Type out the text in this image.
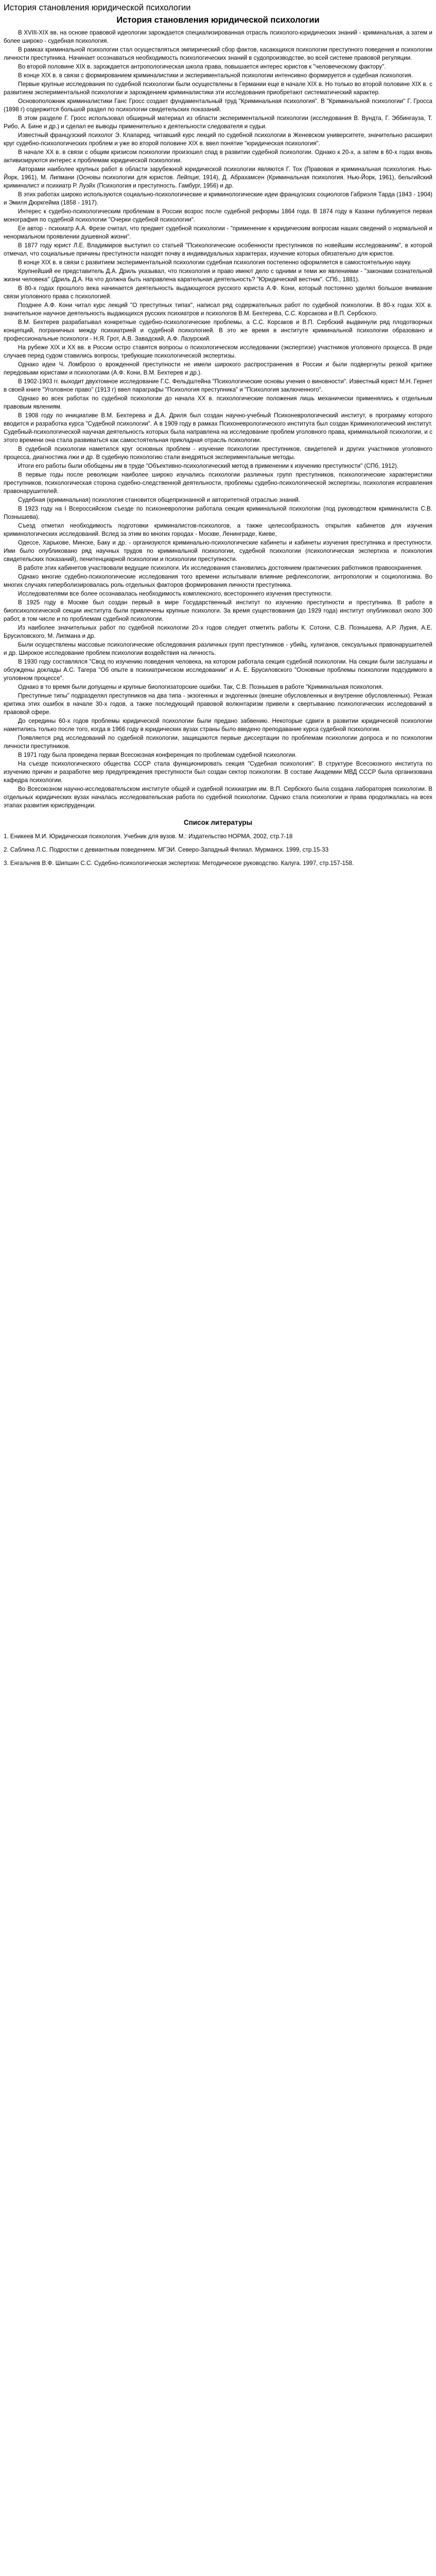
История становления юридической психологии
История становления юридической психологии

В XVIII-XIX вв. на основе правовой идеологии зарождается специализированная отрасль психолого-юридических знаний - криминальная, а затем и более широко - судебная психология.

В рамках криминальной психологии стал осуществляться эмпирический сбор фактов, касающихся психологии преступного поведения и психологии личности преступника. Начинает осознаваться необходимость психологических знаний в судопроизводстве, во всей системе правовой регуляции.

Во второй половине XIX в. зарождается антропологическая школа права, повышается интерес юристов к "человеческому фактору".

В конце XIX в. в связи с формированием криминалистики и экспериментальной психологии интенсивно формируется и судебная психология.

Первые крупные исследования по судебной психологии были осуществлены в Германии еще в начале XIX в. Но только во второй половине XIX в. с развитием экспериментальной психологии и зарождением криминалистики эти исследования приобретают систематический характер.

Основоположник криминалистики Ганс Гросс создает фундаментальный труд "Криминальная психология". В "Криминальной психологии" Г. Гросса (1898 г) содержится большой раздел по психологии свидетельских показаний.

В этом разделе Г. Гросс использовал обширный материал из области экспериментальной психологии (исследования В. Вундта, Г. Эббингауза, Т. Рибо, А. Бине и др.) и сделал ее выводы применительно к деятельности следователя и судьи.

Известный французский психолог Э. Клапаред, читавший курс лекций по судебной психологии в Женевском университете, значительно расширил круг судебно-психологических проблем и уже во второй половине XIX в. ввел понятие "юридическая психология".

В начале XX в. в связи с общим кризисом психологии произошел спад в развитии судебной психологии. Однако к 20-х, а затем в 60-х годах вновь активизируются интерес к проблемам юридической психологии.

Авторами наиболее крупных работ в области зарубежной юридической психологии являются Г. Тох (Правовая и криминальная психология. Нью-Йорк, 1961), М. Липмани (Основы психологии для юристов. Лейпциг, 1914), Д. Абрахамсен (Криминальная психология. Нью-Йорк, 1961), бельгийский криминалист и психиатр Р. Луэйх (Психология и преступность. Гамбург, 1956) и др.

В этих работах широко используются социально-психологические и криминологические идеи французских социологов Габриэля Тарда (1843 - 1904) и Эмиля Дюркгейма (1858 - 1917).

Интерес к судебно-психологическим проблемам в России возрос после судебной реформы 1864 года. В 1874 году в Казани публикуется первая монография по судебной психологии "Очерки судебной психологии".

Ее автор - психиатр А.А. Фрезе считал, что предмет судебной психологии - "применение к юридическим вопросам наших сведений о нормальной и ненормальном проявлении душевной жизни".

В 1877 году юрист Л.Е. Владимиров выступил со статьей "Психологические особенности преступников по новейшим исследованиям", в которой отмечал, что социальные причины преступности находят почву в индивидуальных характерах, изучение которых обязательно для юристов.

В конце XIX в. в связи с развитием экспериментальной психологии судебная психология постепенно оформляется в самостоятельную науку.

Крупнейший ее представитель Д.А. Дриль указывал, что психология и право имеют дело с одними и теми же явлениями - "законами сознательной жизни человека" (Дриль Д.А. На что должна быть направлена карательная деятельность? "Юридический вестник". СПб., 1881).

В 80-х годах прошлого века начинается деятельность выдающегося русского юриста А.Ф. Кони, который постоянно уделял большое внимание связи уголовного права с психологией.

Позднее А.Ф. Кони читал курс лекций "О преступных типах", написал ряд содержательных работ по судебной психологии. В 80-х годах XIX в. значительное научное деятельность выдающихся русских психиатров и психологов В.М. Бехтерева, С.С. Корсакова и В.П. Сербского.

В.М. Бехтерев разрабатывал конкретные судебно-психологические проблемы, а С.С. Корсаков и В.П. Сербский выдвинули ряд плодотворных концепций, пограничных между психиатрией и судебной психологией. В это же время в институте криминальной психологии образовано и профессиональные психологи - Н.Я. Грот, А.В. Завадский, А.Ф. Лазурский.

На рубеже XIX и XX вв. в России остро ставятся вопросы о психологическом исследовании (экспертизе) участников уголовного процесса. В ряде случаев перед судом ставились вопросы, требующие психологической экспертизы.

Однако идеи Ч. Ломброзо о врожденной преступности не имели широкого распространения в России и были подвергнуты резкой критике передовыми юристами и психологами (А.Ф. Кони, В.М. Бехтерев и др.).

В 1902-1903 гг. выходит двухтомное исследование Г.С. Фельдштейна "Психологические основы учения о виновности". Известный юрист М.Н. Гернет в своей книге "Уголовное право" (1913 г) ввел параграфы "Психология преступника" и "Психология заключенного".

Однако во всех работах по судебной психологии до начала XX в. психологические положения лишь механически применялись к отдельным правовым явлениям.

В 1908 году по инициативе В.М. Бехтерева и Д.А. Дриля был создан научно-учебный Психоневрологический институт, в программу которого вводится и разработка курса "Судебной психологии". А в 1909 году в рамках Психоневрологического института был создан Криминологический институт. Судебный-психологической научная деятельность которых была направлена на исследование проблем уголовного права, криминальной психологии, и с этого времени она стала развиваться как самостоятельная прикладная отрасль психологии.

В судебной психологии наметился круг основных проблем - изучение психологии преступников, свидетелей и других участников уголовного процесса, диагностика лжи и др. В судебную психологию стали внедряться экспериментальные методы.

Итоги его работы были обобщены им в труде "Объективно-психологический метод в применении к изучению преступности" (СПб, 1912).

В первые годы после революции наиболее широко изучались психологии различных групп преступников, психологические характеристики преступников, психологическая сторона судебно-следственной деятельности, проблемы судебно-психологической экспертизы, психология исправления правонарушителей.

Судебная (криминальная) психология становится общепризнанной и авторитетной отраслью знаний.

В 1923 году на I Всероссийском съезде по психоневрологии работала секция криминальной психологии (под руководством криминалиста С.В. Познышева).

Съезд отметил необходимость подготовки криминалистов-психологов, а также целесообразность открытия кабинетов для изучения криминологических исследований. Вслед за этим во многих городах - Москве, Ленинграде, Киеве,

Одессе, Харькове, Минске, Баку и др. - организуются криминально-психологические кабинеты и кабинеты изучения преступника и преступности. Ими было опубликовано ряд научных трудов по криминальной психологии, судебной психологии (психологическая экспертиза и психология свидетельских показаний), пенитенциарной психологии и психологии преступности.

В работе этих кабинетов участвовали ведущие психологи. Их исследования становились достоянием практических работников правоохранения.

Однако многие судебно-психологические исследования того времени испытывали влияние рефлексологии, антропологии и социологизма. Во многих случаях гиперболизировалась роль отдельных факторов формирования личности преступника.

Исследователями все более осознавалась необходимость комплексного, всестороннего изучения преступности.

В 1925 году в Москве был создан первый в мире Государственный институт по изучению преступности и преступника. В работе в биопсихологической секции института были привлечены крупные психологи. За время существования (до 1929 года) институт опубликовал около 300 работ, в том числе и по проблемам судебной психологии.

Из наиболее значительных работ по судебной психологии 20-х годов следует отметить работы К. Сотони, С.В. Познышева, А.Р. Лурия, А.Е. Брусиловского, М. Липмана и др.

Были осуществлены массовые психологические обследования различных групп преступников - убийц, хулиганов, сексуальных правонарушителей и др. Широкое исследование проблем психологии воздействия на личность.

В 1930 году составлялся "Свод по изучению поведения человека, на котором работала секция судебной психологии. На секции были заслушаны и обсуждены доклады А.С. Тагера "Об опыте в психиатрическом исследовании" и А. Е. Брусиловского "Основные проблемы психологии подсудимого в уголовном процессе".

Однако в то время были допущены и крупные биологизаторские ошибки. Так, С.В. Познышев в работе "Криминальная психология.

Преступные типы" подразделял преступников на два типа - экзогенных и эндогенных (внешне обусловленных и внутренне обусловленных). Резкая критика этих ошибок в начале 30-х годов, а также последующий правовой волюнтаризм привели к свертыванию психологических исследований в правовой сфере.

До середины 60-х годов проблемы юридической психологии были предано забвению. Некоторые сдвиги в развитии юридической психологии наметились только после того, когда в 1966 году в юридических вузах страны было введено преподавание курса судебной психологии.

Появляется ряд исследований по судебной психологии, защищаются первые диссертации по проблемам психологии допроса и по психологии личности преступников.

В 1971 году была проведена первая Всесоюзная конференция по проблемам судебной психологии.

На съезде психологического общества СССР стала функционировать секция "Судебная психология". В структуре Всесоюзного института по изучению причин и разработке мер предупреждения преступности был создан сектор психологии. В составе Академии МВД СССР была организована кафедра психологии.

Во Всесоюзном научно-исследовательском институте общей и судебной психиатрии им. В.П. Сербского была создана лаборатория психологии. В отдельных юридических вузах началась исследовательская работа по судебной психологии. Однако стала психологии и права продолжалась на всех этапах развития юриспруденции.

Список литературы
1. Еникеев М.И. Юридическая психология. Учебник для вузов. М.: Издательство НОРМА. 2002, стр.7-18
2. Саблина Л.С. Подростки с девиантным поведением. МГЭИ. Северо-Западный Филиал. Мурманск. 1999, стр.15-33
3. Енгалычев В.Ф. Шипшин С.С. Судебно-психологическая экспертиза: Методическое руководство. Калуга. 1997, стр.157-158.
